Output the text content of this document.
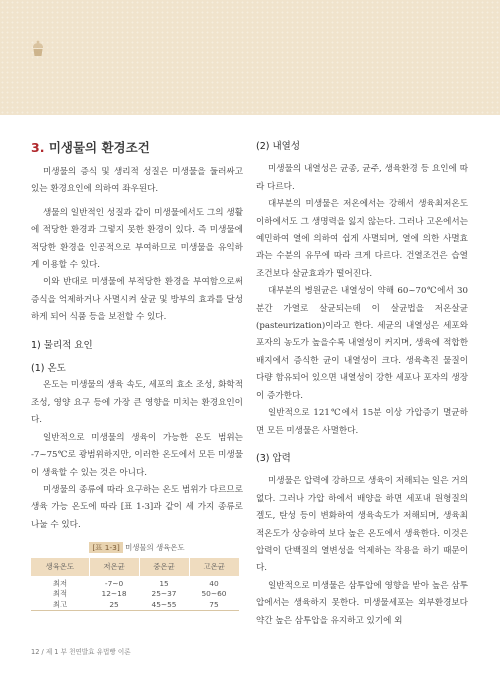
3. 미생물의 환경조건

미생물의 증식 및 생리적 성질은 미생물을 둘러싸고 있는 환경요인에 의하여 좌우된다.

생물의 일반적인 성질과 같이 미생물에서도 그의 생활에 적당한 환경과 그렇지 못한 환경이 있다. 즉 미생물에 적당한 환경을 인공적으로 부여하므로 미생물을 유익하게 이용할 수 있다.

이와 반대로 미생물에 부적당한 환경을 부여함으로써 증식을 억제하거나 사멸시켜 살균 및 방부의 효과를 달성하게 되어 식품 등을 보전할 수 있다.

1) 물리적 요인

(1) 온도

온도는 미생물의 생육 속도, 세포의 효소 조성, 화학적 조성, 영양 요구 등에 가장 큰 영향을 미치는 환경요인이다.

일반적으로 미생물의 생육이 가능한 온도 범위는 -7~75℃로 광범위하지만, 이러한 온도에서 모든 미생물이 생육할 수 있는 것은 아니다.

미생물의 종류에 따라 요구하는 온도 범위가 다르므로 생육 가능 온도에 따라 [표 1-3]과 같이 세 가지 종류로 나눌 수 있다.

[표 1-3] 미생물의 생육온도
생육온도	저온균	중온균	고온균
최저	-7~0	15	40
최적	12~18	25~37	50~60
최고	25	45~55	75

(2) 내열성

미생물의 내열성은 균종, 균주, 생육환경 등 요인에 따라 다르다.

대부분의 미생물은 저온에서는 강해서 생육최저온도 이하에서도 그 생명력을 잃지 않는다. 그러나 고온에서는 예민하여 열에 의하여 쉽게 사멸되며, 열에 의한 사멸효과는 수분의 유무에 따라 크게 다르다. 건열조건은 습열조건보다 살균효과가 떨어진다.

대부분의 병원균은 내열성이 약해 60~70℃에서 30분간 가열로 살균되는데 이 살균법을 저온살균(pasteurization)이라고 한다. 세균의 내열성은 세포와 포자의 농도가 높을수록 내열성이 커지며, 생육에 적합한 배지에서 증식한 균이 내열성이 크다. 생육촉진 물질이 다량 함유되어 있으면 내열성이 강한 세포나 포자의 생장이 증가한다.

일반적으로 121℃에서 15분 이상 가압증기 멸균하면 모든 미생물은 사멸한다.

(3) 압력

미생물은 압력에 강하므로 생육이 저해되는 일은 거의 없다. 그러나 가압 하에서 배양을 하면 세포내 원형질의 겔도, 탄성 등이 변화하여 생육속도가 저해되며, 생육최적온도가 상승하여 보다 높은 온도에서 생육한다. 이것은 압력이 단백질의 열변성을 억제하는 작용을 하기 때문이다.

일반적으로 미생물은 삼투압에 영향을 받아 높은 삼투압에서는 생육하지 못한다. 미생물세포는 외부환경보다 약간 높은 삼투압을 유지하고 있기에 외

12 / 제 1 부 천연발효 유법빵 이론
